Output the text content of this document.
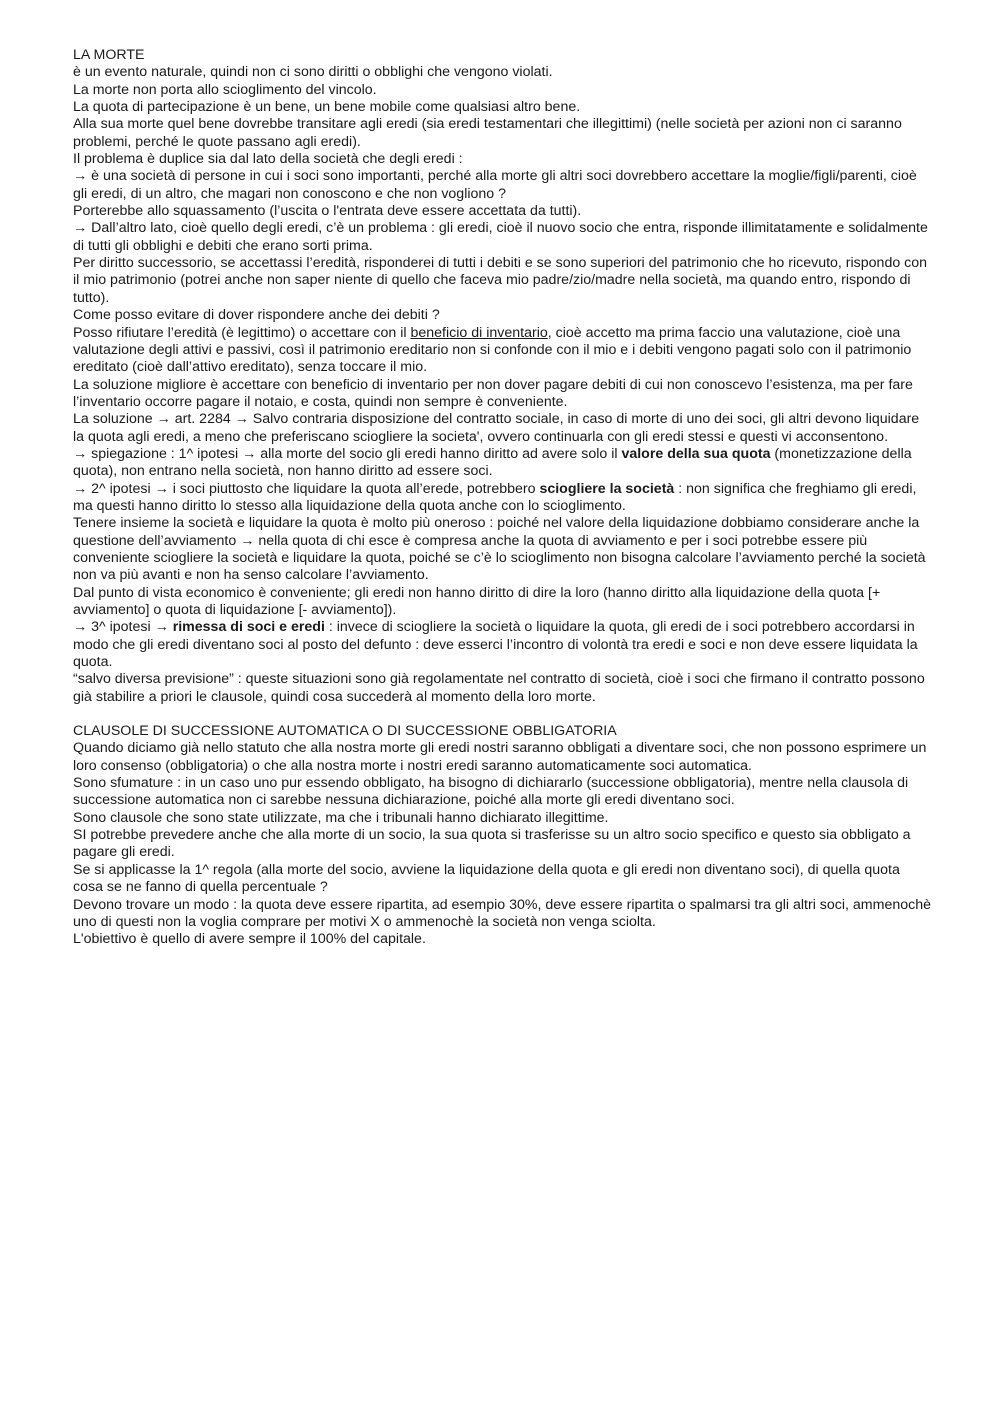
LA MORTE

è un evento naturale, quindi non ci sono diritti o obblighi che vengono violati.

La morte non porta allo scioglimento del vincolo.

La quota di partecipazione è un bene, un bene mobile come qualsiasi altro bene.

Alla sua morte quel bene dovrebbe transitare agli eredi (sia eredi testamentari che illegittimi) (nelle società per azioni non ci saranno problemi, perché le quote passano agli eredi).

Il problema è duplice sia dal lato della società che degli eredi :

→ è una società di persone in cui i soci sono importanti, perché alla morte gli altri soci dovrebbero accettare la moglie/figli/parenti, cioè gli eredi, di un altro, che magari non conoscono e che non vogliono ?

Porterebbe allo squassamento (l’uscita o l'entrata deve essere accettata da tutti).

→ Dall’altro lato, cioè quello degli eredi, c’è un problema : gli eredi, cioè il nuovo socio che entra, risponde illimitatamente e solidalmente di tutti gli obblighi e debiti che erano sorti prima.

Per diritto successorio, se accettassi l’eredità, risponderei di tutti i debiti e se sono superiori del patrimonio che ho ricevuto, rispondo con il mio patrimonio (potrei anche non saper niente di quello che faceva mio padre/zio/madre nella società, ma quando entro, rispondo di tutto).

Come posso evitare di dover rispondere anche dei debiti ?

Posso rifiutare l’eredità (è legittimo) o accettare con il beneficio di inventario, cioè accetto ma prima faccio una valutazione, cioè una valutazione degli attivi e passivi, così il patrimonio ereditario non si confonde con il mio e i debiti vengono pagati solo con il patrimonio ereditato (cioè dall’attivo ereditato), senza toccare il mio.

La soluzione migliore è accettare con beneficio di inventario per non dover pagare debiti di cui non conoscevo l’esistenza, ma per fare l’inventario occorre pagare il notaio, e costa, quindi non sempre è conveniente.

La soluzione → art. 2284 → Salvo contraria disposizione del contratto sociale, in caso di morte di uno dei soci, gli altri devono liquidare la quota agli eredi, a meno che preferiscano sciogliere la societa', ovvero continuarla con gli eredi stessi e questi vi acconsentono.

→ spiegazione : 1^ ipotesi → alla morte del socio gli eredi hanno diritto ad avere solo il valore della sua quota (monetizzazione della quota), non entrano nella società, non hanno diritto ad essere soci.

→ 2^ ipotesi → i soci piuttosto che liquidare la quota all’erede, potrebbero sciogliere la società : non significa che freghiamo gli eredi, ma questi hanno diritto lo stesso alla liquidazione della quota anche con lo scioglimento.

Tenere insieme la società e liquidare la quota è molto più oneroso : poiché nel valore della liquidazione dobbiamo considerare anche la questione dell’avviamento → nella quota di chi esce è compresa anche la quota di avviamento e per i soci potrebbe essere più conveniente sciogliere la società e liquidare la quota, poiché se c’è lo scioglimento non bisogna calcolare l’avviamento perché la società non va più avanti e non ha senso calcolare l’avviamento.

Dal punto di vista economico è conveniente; gli eredi non hanno diritto di dire la loro (hanno diritto alla liquidazione della quota [+ avviamento] o quota di liquidazione [- avviamento]).

→ 3^ ipotesi → rimessa di soci e eredi : invece di sciogliere la società o liquidare la quota, gli eredi de i soci potrebbero accordarsi in modo che gli eredi diventano soci al posto del defunto : deve esserci l’incontro di volontà tra eredi e soci e non deve essere liquidata la quota.

“salvo diversa previsione” : queste situazioni sono già regolamentate nel contratto di società, cioè i soci che firmano il contratto possono già stabilire a priori le clausole, quindi cosa succederà al momento della loro morte.

CLAUSOLE DI SUCCESSIONE AUTOMATICA O DI SUCCESSIONE OBBLIGATORIA

Quando diciamo già nello statuto che alla nostra morte gli eredi nostri saranno obbligati a diventare soci, che non possono esprimere un loro consenso (obbligatoria) o che alla nostra morte i nostri eredi saranno automaticamente soci automatica.

Sono sfumature : in un caso uno pur essendo obbligato, ha bisogno di dichiararlo (successione obbligatoria), mentre nella clausola di successione automatica non ci sarebbe nessuna dichiarazione, poiché alla morte gli eredi diventano soci.

Sono clausole che sono state utilizzate, ma che i tribunali hanno dichiarato illegittime.

SI potrebbe prevedere anche che alla morte di un socio, la sua quota si trasferisse su un altro socio specifico e questo sia obbligato a pagare gli eredi.

Se si applicasse la 1^ regola (alla morte del socio, avviene la liquidazione della quota e gli eredi non diventano soci), di quella quota cosa se ne fanno di quella percentuale ?

Devono trovare un modo : la quota deve essere ripartita, ad esempio 30%, deve essere ripartita o spalmarsi tra gli altri soci, ammenochè uno di questi non la voglia comprare per motivi X o ammenochè la società non venga sciolta.

L'obiettivo è quello di avere sempre il 100% del capitale.
